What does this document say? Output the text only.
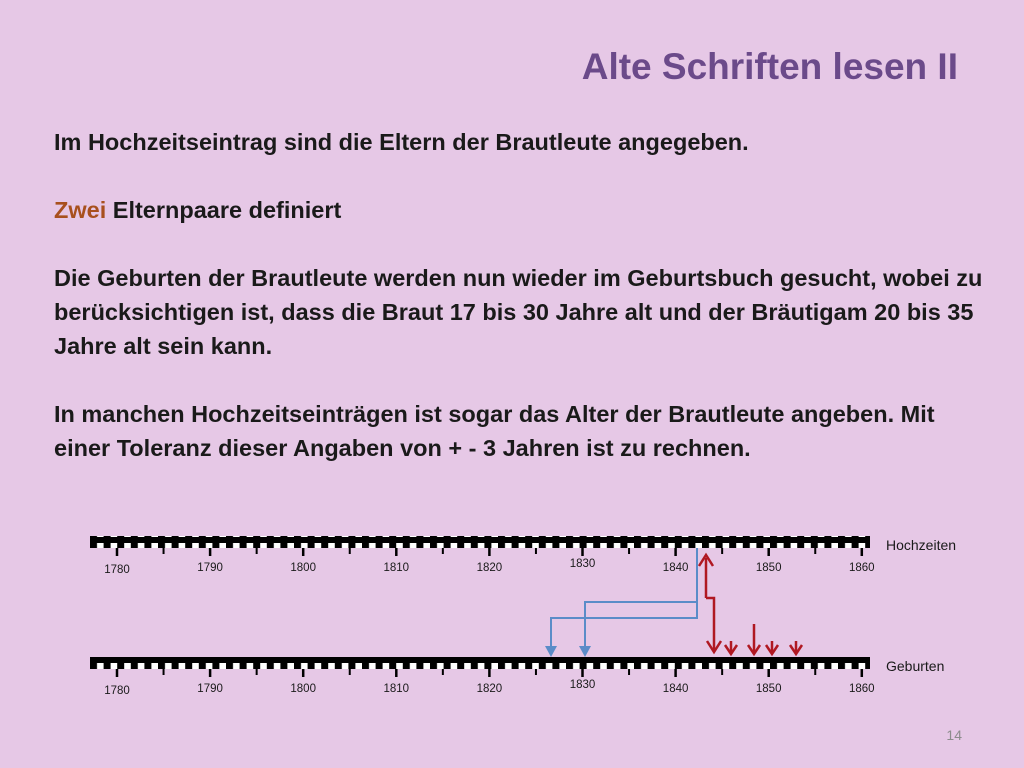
Alte Schriften lesen II

Im Hochzeitseintrag sind die Eltern der Brautleute angegeben.

Zwei Elternpaare definiert

Die Geburten der Brautleute werden nun wieder im Geburtsbuch gesucht, wobei zu berücksichtigen ist, dass die Braut 17 bis 30 Jahre alt und der Bräutigam 20 bis 35 Jahre alt sein kann.

In manchen Hochzeitseinträgen ist sogar das Alter der Brautleute angeben. Mit einer Toleranz dieser Angaben von + - 3 Jahren ist zu rechnen.

1780	1790	1800	1810	1820	1830	1840	1850	1860
Hochzeiten
1780	1790	1800	1810	1820	1830	1840	1850	1860
Geburten
14
